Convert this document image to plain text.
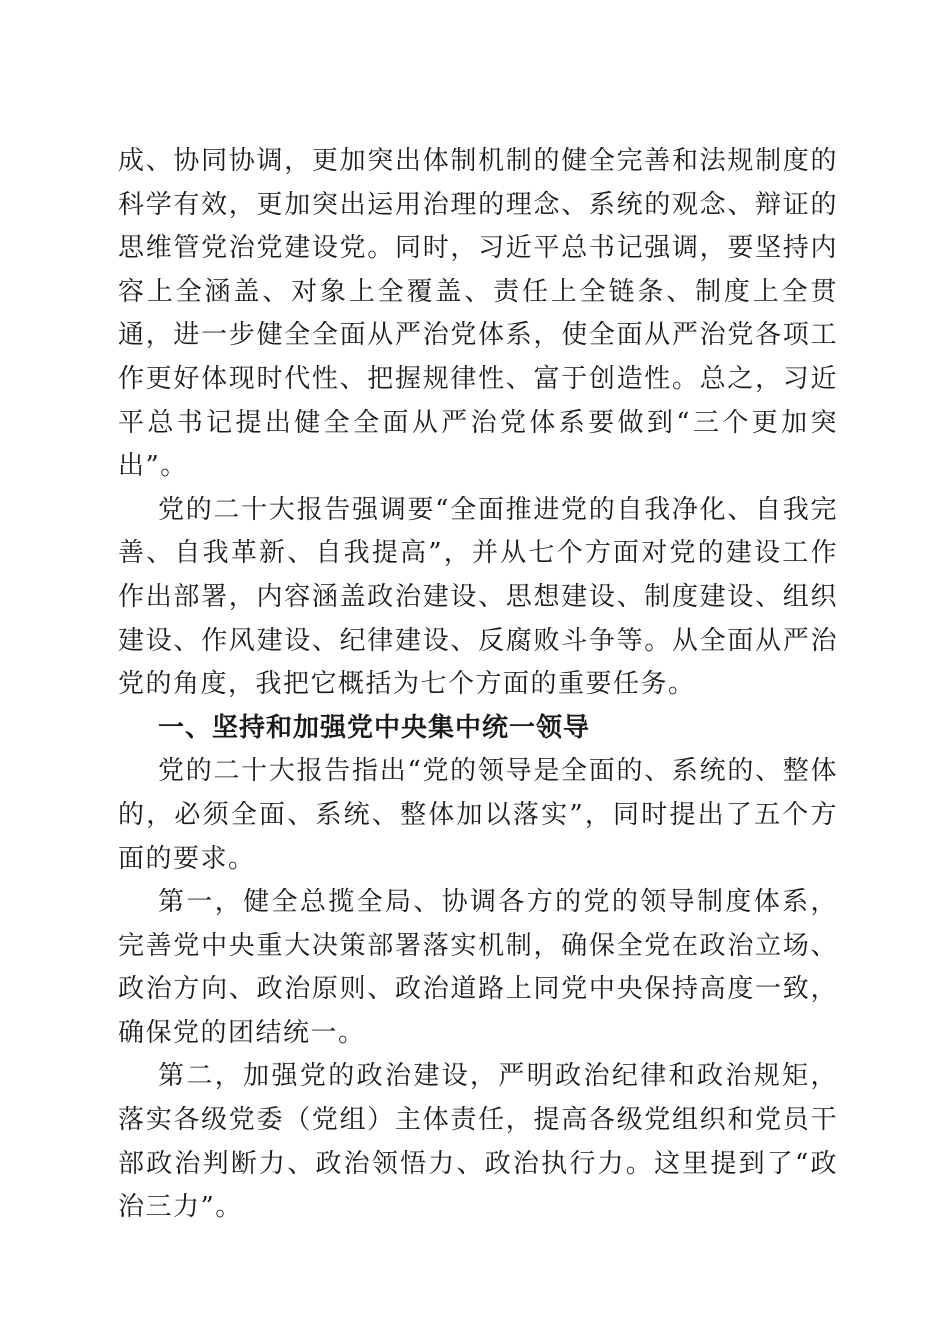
成、协同协调，更加突出体制机制的健全完善和法规制度的科学有效，更加突出运用治理的理念、系统的观念、辩证的思维管党治党建设党。同时，习近平总书记强调，要坚持内容上全涵盖、对象上全覆盖、责任上全链条、制度上全贯通，进一步健全全面从严治党体系，使全面从严治党各项工作更好体现时代性、把握规律性、富于创造性。总之，习近平总书记提出健全全面从严治党体系要做到“三个更加突出”。

党的二十大报告强调要“全面推进党的自我净化、自我完善、自我革新、自我提高”，并从七个方面对党的建设工作作出部署，内容涵盖政治建设、思想建设、制度建设、组织建设、作风建设、纪律建设、反腐败斗争等。从全面从严治党的角度，我把它概括为七个方面的重要任务。

一、坚持和加强党中央集中统一领导

党的二十大报告指出“党的领导是全面的、系统的、整体的，必须全面、系统、整体加以落实”，同时提出了五个方面的要求。

第一，健全总揽全局、协调各方的党的领导制度体系，完善党中央重大决策部署落实机制，确保全党在政治立场、政治方向、政治原则、政治道路上同党中央保持高度一致，确保党的团结统一。

第二，加强党的政治建设，严明政治纪律和政治规矩，落实各级党委（党组）主体责任，提高各级党组织和党员干部政治判断力、政治领悟力、政治执行力。这里提到了“政治三力”。
